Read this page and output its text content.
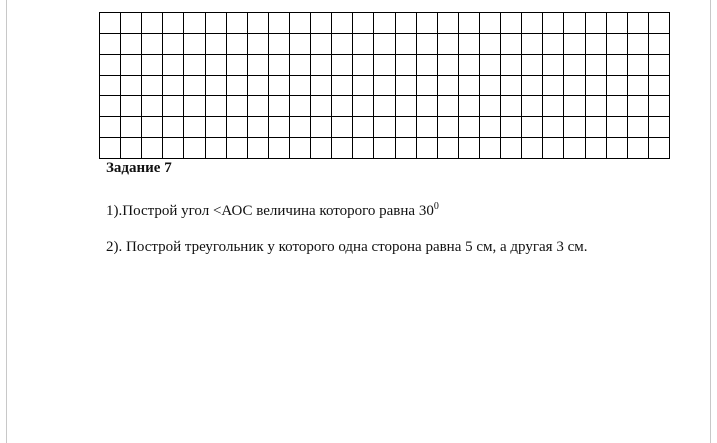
Задание 7
1).Построй угол <АОС величина которого равна $30^0$
2). Построй треугольник у которого одна сторона равна 5 см, а другая 3 см.
